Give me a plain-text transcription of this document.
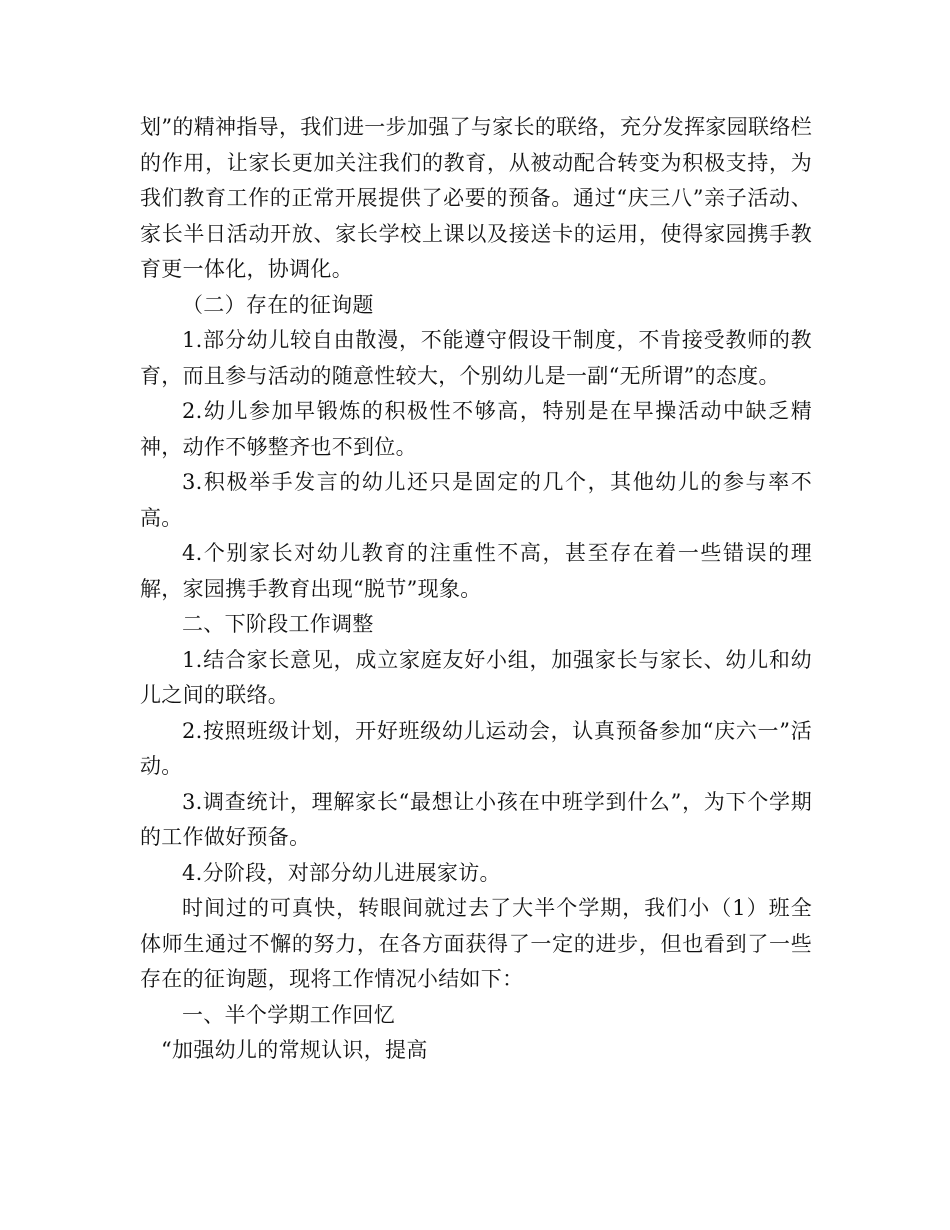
划”的精神指导，我们进一步加强了与家长的联络，充分发挥家园联络栏的作用，让家长更加关注我们的教育，从被动配合转变为积极支持，为我们教育工作的正常开展提供了必要的预备。通过“庆三八”亲子活动、家长半日活动开放、家长学校上课以及接送卡的运用，使得家园携手教育更一体化，协调化。

（二）存在的征询题

1.部分幼儿较自由散漫，不能遵守假设干制度，不肯接受教师的教育，而且参与活动的随意性较大，个别幼儿是一副“无所谓”的态度。

2.幼儿参加早锻炼的积极性不够高，特别是在早操活动中缺乏精神，动作不够整齐也不到位。

3.积极举手发言的幼儿还只是固定的几个，其他幼儿的参与率不高。

4.个别家长对幼儿教育的注重性不高，甚至存在着一些错误的理解，家园携手教育出现“脱节”现象。

二、下阶段工作调整

1.结合家长意见，成立家庭友好小组，加强家长与家长、幼儿和幼儿之间的联络。

2.按照班级计划，开好班级幼儿运动会，认真预备参加“庆六一”活动。

3.调查统计，理解家长“最想让小孩在中班学到什么”，为下个学期的工作做好预备。

4.分阶段，对部分幼儿进展家访。

时间过的可真快，转眼间就过去了大半个学期，我们小（1）班全体师生通过不懈的努力，在各方面获得了一定的进步，但也看到了一些存在的征询题，现将工作情况小结如下：

一、半个学期工作回忆

“加强幼儿的常规认识，提高
